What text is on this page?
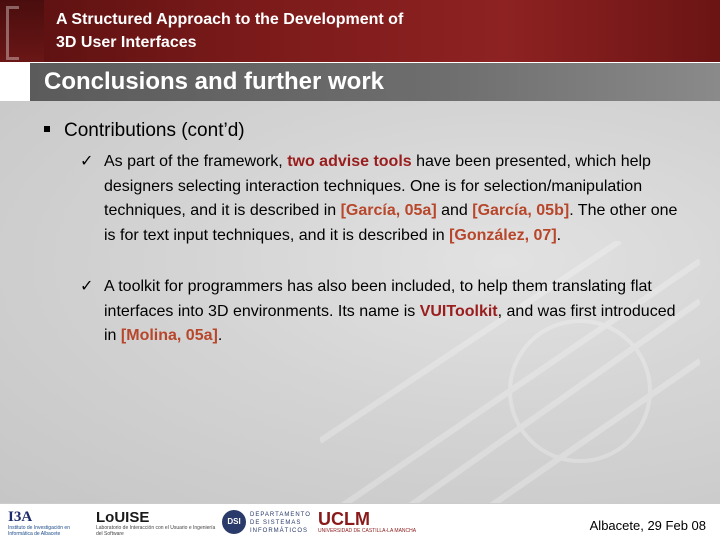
A Structured Approach to the Development of
3D User Interfaces
Conclusions and further work
Contributions (cont’d)
✓ As part of the framework, two advise tools have been presented, which help designers selecting interaction techniques. One is for selection/manipulation techniques, and it is described in [García, 05a] and [García, 05b]. The other one is for text input techniques, and it is described in [González, 07].
✓ A toolkit for programmers has also been included, to help them translating flat interfaces into 3D environments. Its name is VUIToolkit, and was first introduced in [Molina, 05a].
I3A
Instituto de Investigación en Informática de Albacete
LoUISE
Laboratorio de Interacción con el Usuario e Ingeniería del Software
DSI
DEPARTAMENTO DE SISTEMAS INFORMÁTICOS
UCLM
UNIVERSIDAD DE CASTILLA-LA MANCHA	Albacete, 29 Feb 08
